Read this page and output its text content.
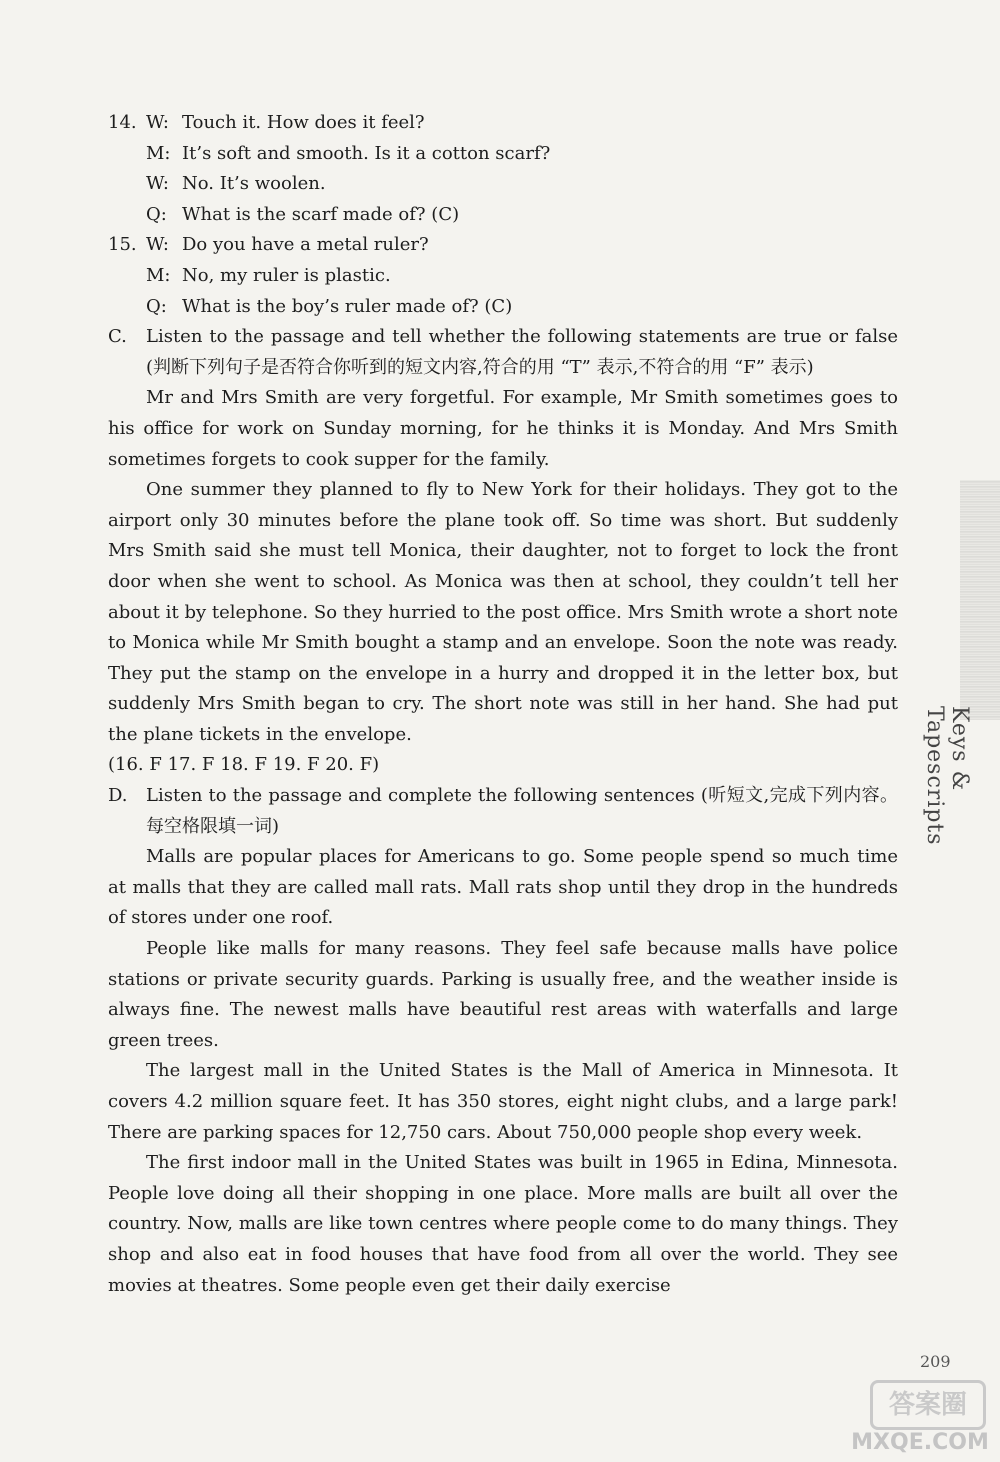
Keys & Tapescripts
14. W: Touch it. How does it feel?
M: It’s soft and smooth. Is it a cotton scarf?
W: No. It’s woolen.
Q: What is the scarf made of? (C)
15. W: Do you have a metal ruler?
M: No, my ruler is plastic.
Q: What is the boy’s ruler made of? (C)
C.	Listen to the passage and tell whether the following statements are true or false (判断下列句子是否符合你听到的短文内容,符合的用 “T” 表示,不符合的用 “F” 表示)
Mr and Mrs Smith are very forgetful. For example, Mr Smith sometimes goes to his office for work on Sunday morning, for he thinks it is Monday. And Mrs Smith sometimes forgets to cook supper for the family.
One summer they planned to fly to New York for their holidays. They got to the airport only 30 minutes before the plane took off. So time was short. But suddenly Mrs Smith said she must tell Monica, their daughter, not to forget to lock the front door when she went to school. As Monica was then at school, they couldn’t tell her about it by telephone. So they hurried to the post office. Mrs Smith wrote a short note to Monica while Mr Smith bought a stamp and an envelope. Soon the note was ready. They put the stamp on the envelope in a hurry and dropped it in the letter box, but suddenly Mrs Smith began to cry. The short note was still in her hand. She had put the plane tickets in the envelope.
(16. F 17. F 18. F 19. F 20. F)
D.	Listen to the passage and complete the following sentences (听短文,完成下列内容。每空格限填一词)
Malls are popular places for Americans to go. Some people spend so much time at malls that they are called mall rats. Mall rats shop until they drop in the hundreds of stores under one roof.
People like malls for many reasons. They feel safe because malls have police stations or private security guards. Parking is usually free, and the weather inside is always fine. The newest malls have beautiful rest areas with waterfalls and large green trees.
The largest mall in the United States is the Mall of America in Minnesota. It covers 4.2 million square feet. It has 350 stores, eight night clubs, and a large park! There are parking spaces for 12,750 cars. About 750,000 people shop every week.
The first indoor mall in the United States was built in 1965 in Edina, Minnesota. People love doing all their shopping in one place. More malls are built all over the country. Now, malls are like town centres where people come to do many things. They shop and also eat in food houses that have food from all over the world. They see movies at theatres. Some people even get their daily exercise
209
答案圈
MXQE.COM
